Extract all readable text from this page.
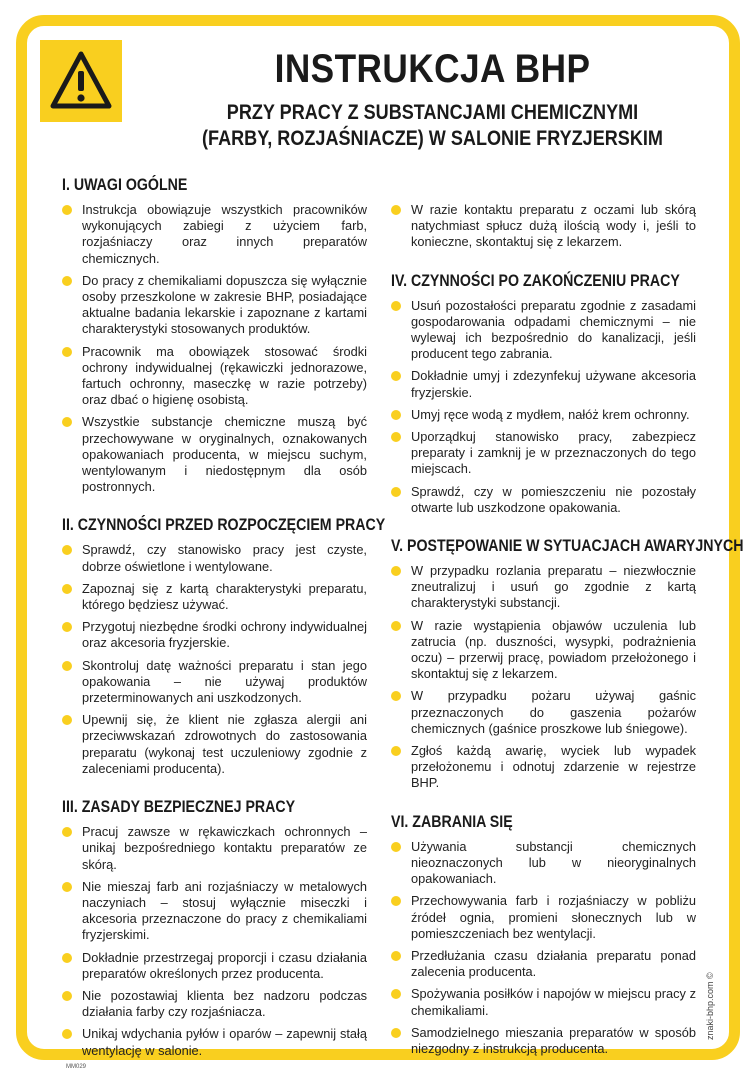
INSTRUKCJA BHP
PRZY PRACY Z SUBSTANCJAMI CHEMICZNYMI
(FARBY, ROZJAŚNIACZE) W SALONIE FRYZJERSKIM
I. UWAGI OGÓLNE
Instrukcja obowiązuje wszystkich pracowników wykonujących zabiegi z użyciem farb, rozjaśniaczy oraz innych preparatów chemicznych.
Do pracy z chemikaliami dopuszcza się wyłącznie osoby przeszkolone w zakresie BHP, posiadające aktualne badania lekarskie i zapoznane z kartami charakterystyki stosowanych produktów.
Pracownik ma obowiązek stosować środki ochrony indywidualnej (rękawiczki jednorazowe, fartuch ochronny, maseczkę w razie potrzeby) oraz dbać o higienę osobistą.
Wszystkie substancje chemiczne muszą być przechowywane w oryginalnych, oznakowanych opakowaniach producenta, w miejscu suchym, wentylowanym i niedostępnym dla osób postronnych.
II. CZYNNOŚCI PRZED ROZPOCZĘCIEM PRACY
Sprawdź, czy stanowisko pracy jest czyste, dobrze oświetlone i wentylowane.
Zapoznaj się z kartą charakterystyki preparatu, którego będziesz używać.
Przygotuj niezbędne środki ochrony indywidualnej oraz akcesoria fryzjerskie.
Skontroluj datę ważności preparatu i stan jego opakowania – nie używaj produktów przeterminowanych ani uszkodzonych.
Upewnij się, że klient nie zgłasza alergii ani przeciwwskazań zdrowotnych do zastosowania preparatu (wykonaj test uczuleniowy zgodnie z zaleceniami producenta).
III. ZASADY BEZPIECZNEJ PRACY
Pracuj zawsze w rękawiczkach ochronnych – unikaj bezpośredniego kontaktu preparatów ze skórą.
Nie mieszaj farb ani rozjaśniaczy w metalowych naczyniach – stosuj wyłącznie miseczki i akcesoria przeznaczone do pracy z chemikaliami fryzjerskimi.
Dokładnie przestrzegaj proporcji i czasu działania preparatów określonych przez producenta.
Nie pozostawiaj klienta bez nadzoru podczas działania farby czy rozjaśniacza.
Unikaj wdychania pyłów i oparów – zapewnij stałą wentylację w salonie.
W razie kontaktu preparatu z oczami lub skórą natychmiast spłucz dużą ilością wody i, jeśli to konieczne, skontaktuj się z lekarzem.
IV. CZYNNOŚCI PO ZAKOŃCZENIU PRACY
Usuń pozostałości preparatu zgodnie z zasadami gospodarowania odpadami chemicznymi – nie wylewaj ich bezpośrednio do kanalizacji, jeśli producent tego zabrania.
Dokładnie umyj i zdezynfekuj używane akcesoria fryzjerskie.
Umyj ręce wodą z mydłem, nałóż krem ochronny.
Uporządkuj stanowisko pracy, zabezpiecz preparaty i zamknij je w przeznaczonych do tego miejscach.
Sprawdź, czy w pomieszczeniu nie pozostały otwarte lub uszkodzone opakowania.
V. POSTĘPOWANIE W SYTUACJACH AWARYJNYCH
W przypadku rozlania preparatu – niezwłocznie zneutralizuj i usuń go zgodnie z kartą charakterystyki substancji.
W razie wystąpienia objawów uczulenia lub zatrucia (np. duszności, wysypki, podrażnienia oczu) – przerwij pracę, powiadom przełożonego i skontaktuj się z lekarzem.
W przypadku pożaru używaj gaśnic przeznaczonych do gaszenia pożarów chemicznych (gaśnice proszkowe lub śniegowe).
Zgłoś każdą awarię, wyciek lub wypadek przełożonemu i odnotuj zdarzenie w rejestrze BHP.
VI. ZABRANIA SIĘ
Używania substancji chemicznych nieoznaczonych lub w nieoryginalnych opakowaniach.
Przechowywania farb i rozjaśniaczy w pobliżu źródeł ognia, promieni słonecznych lub w pomieszczeniach bez wentylacji.
Przedłużania czasu działania preparatu ponad zalecenia producenta.
Spożywania posiłków i napojów w miejscu pracy z chemikaliami.
Samodzielnego mieszania preparatów w sposób niezgodny z instrukcją producenta.
znaki-bhp.com ©
MM029
